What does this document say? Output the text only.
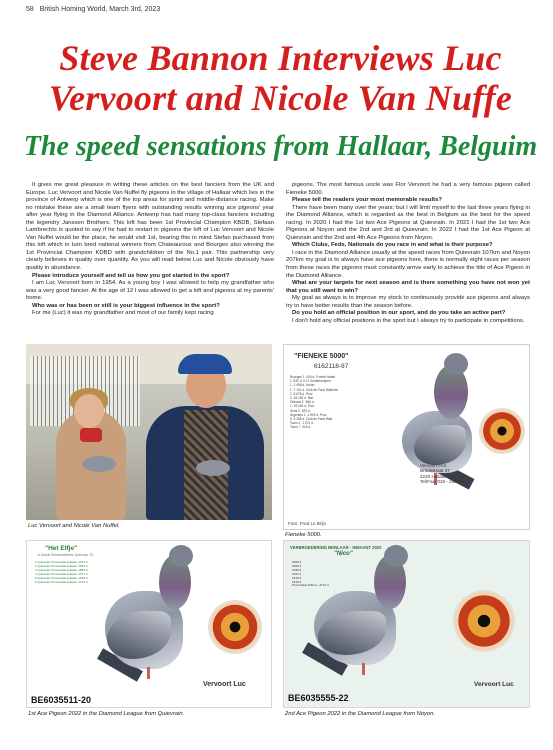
58 British Homing World, March 3rd, 2023
Steve Bannon Interviews Luc Vervoort and Nicole Van Nuffe
The speed sensations from Hallaar, Belguim

It gives me great pleasure in writing these articles on the best fanciers from the UK and Europe. Luc Vervoort and Nicole Van Nuffel fly pigeons in the village of Hallaar which lies in the province of Antwerp which is one of the top areas for sprint and middle-distance racing. Make no mistake these are a small team flyers with outstanding results winning ace pigeons' year after year flying in the Diamond Alliance. Antwerp has had many top-class fanciers including the legendry Janssen Brothers. This loft has been 1st Provincial Champion KBDB, Stefaan Lambrechts is quoted to say if he had to restart in pigeons the loft of Luc Vervoort and Nicole Van Nuffel would be the place, he would visit 1st, bearing this in mind Stefan purchased from this loft which in turn bred national winners from Chateauroux and Bourges also winning the 1st Provincial Champion KDBD with grandchildren of the No.1 pair. This partnership very clearly believes in quality over quantity. As you will read below Luc and Nicole obviously have quality in abundance.

Please introduce yourself and tell us how you got started in the sport?

I am Luc Vervoort born in 1954. As a young boy I was allowed to help my grandfather who was a very good fancier. At the age of 12 I was allowed to get a loft and pigeons at my parents' home.

Who was or has been or still is your biggest influence in the sport?

For me (Luc) it was my grandfather and most of our family kept racing

pigeons. The most famous uncle was Flor Vervoort he had a very famous pigeon called Fieneke 5000.

Please tell the readers your most memorable results?

There have been many over the years; but I will limit myself to the last three years flying in the Diamond Alliance, which is regarded as the best in Belgium as the best for the speed racing. In 2020 I had the 1st two Ace Pigeons at Quievrain. In 2021 I had the 1st two Ace Pigeons at Noyon and the 2nd and 3rd at Quievrain. In 2022 I had the 1st Ace Pigeon at Quievrain and the 2nd and 4th Ace Pigeons from Noyon.

Which Clubs, Feds, Nationals do you race in and what is their purpose?

I race in the Diamond Alliance usually at the speed races from Quievrain 107km and Noyon 207km my goal is to always have ace pigeons here, there is normally eight races per season from these races the pigeons must constantly arrive early to achieve the title of Ace Pigeon in the Diamond Alliance.

What are your targets for next season and is there something you have not won yet that you still want to win?

My goal as always is to improve my stock to continuously provide ace pigeons and always try to have better results than the season before.

Do you hold an official position in our sport, and do you take an active part?

I don't hold any official positions in the sport but I always try to participate in competitions.

Luc Vervoort and Nicole Van Nuffel.
"FIENEKE 5000"
6162118-97
Bourges 1. 404 d. Fondel Haute
1. 830 d. K.H. Zuiderkempen
1. 1.458 d. Union
1. 7.101 d. Club de Fond Wallonie
2. 5.678 d. Prov.
2. 28.152 d. Nat.
Orleans 1. 566 d.
1. 18.184 d. Prov.
Sens 2. 529 d.
Argenton 1. 1.909 d. Prov.
5. 3.358 d. Club de Fond Wall.
Tours 1. 1.074 d.
Tours 7. 918 d.
Vervoort Flor.
Brookstraat 37
2220 Hallaar (B.)
Tel/Fax: 015 - 246776
Foto: Fred Le Brijn
Fieneke 5000.
"Het Elfje"
1e Asduif Diamantalliantie Quievrain '22
1 Quievrain Provinciaal asbeker 1751 d
2 Quievrain Provinciaal asbeker 1632 d
3 Quievrain Provinciaal asbeker 1555 d
4 Quievrain Provinciaal asbeker 1477 d
5 Quievrain Provinciaal asbeker 1518 d
6 Quievrain Provinciaal asbeker 1472 d
Vervoort Luc
BE6035511-20
1st Ace Pigeon 2022 in the Diamond League from Quievrain.
VERBROEDERING BERLAAR - HEIKANT 2022
"Nico"
1683 d
3066 d
3195 d
2157 d
1578 d
1819 d
Provinciaal 1662 d - 2170 d
Vervoort Luc
BE6035555-22
2nd Ace Pigeon 2022 in the Diamond League from Noyon.
